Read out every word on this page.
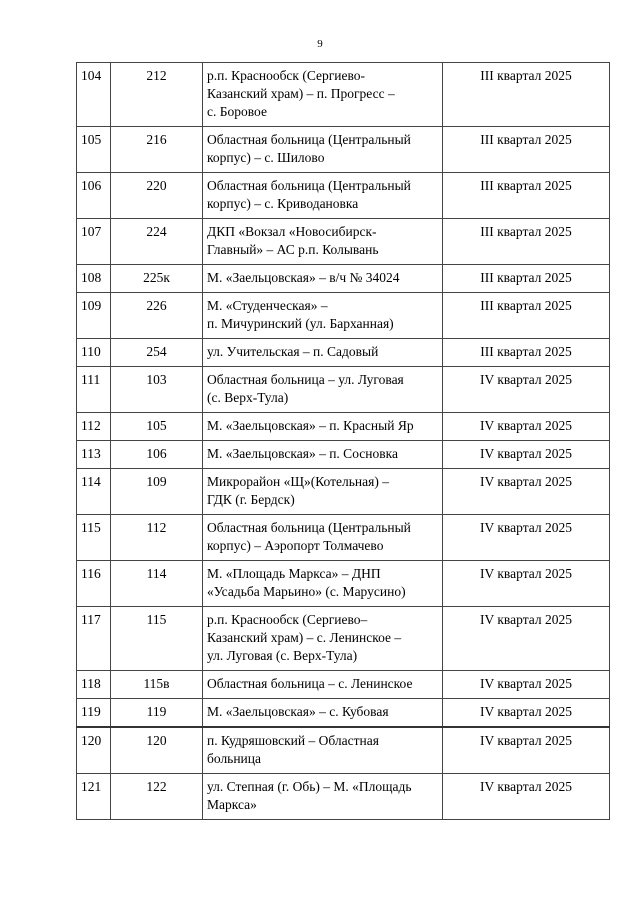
9
104	212	р.п. Краснообск (Сергиево-
Казанский храм) – п. Прогресс –
с. Боровое	III квартал 2025
105	216	Областная больница (Центральный
корпус) – с. Шилово	III квартал 2025
106	220	Областная больница (Центральный
корпус) – с. Криводановка	III квартал 2025
107	224	ДКП «Вокзал «Новосибирск-
Главный» – АС р.п. Колывань	III квартал 2025
108	225к	М. «Заельцовская» – в/ч № 34024	III квартал 2025
109	226	М. «Студенческая» –
п. Мичуринский (ул. Барханная)	III квартал 2025
110	254	ул. Учительская – п. Садовый	III квартал 2025
111	103	Областная больница – ул. Луговая
(с. Верх-Тула)	IV квартал 2025
112	105	М. «Заельцовская» – п. Красный Яр	IV квартал 2025
113	106	М. «Заельцовская» – п. Сосновка	IV квартал 2025
114	109	Микрорайон «Щ»(Котельная) –
ГДК (г. Бердск)	IV квартал 2025
115	112	Областная больница (Центральный
корпус) – Аэропорт Толмачево	IV квартал 2025
116	114	М. «Площадь Маркса» – ДНП
«Усадьба Марьино» (с. Марусино)	IV квартал 2025
117	115	р.п. Краснообск (Сергиево–
Казанский храм) – с. Ленинское –
ул. Луговая (с. Верх-Тула)	IV квартал 2025
118	115в	Областная больница – с. Ленинское	IV квартал 2025
119	119	М. «Заельцовская» – с. Кубовая	IV квартал 2025
120	120	п. Кудряшовский – Областная
больница	IV квартал 2025
121	122	ул. Степная (г. Обь) – М. «Площадь
Маркса»	IV квартал 2025
